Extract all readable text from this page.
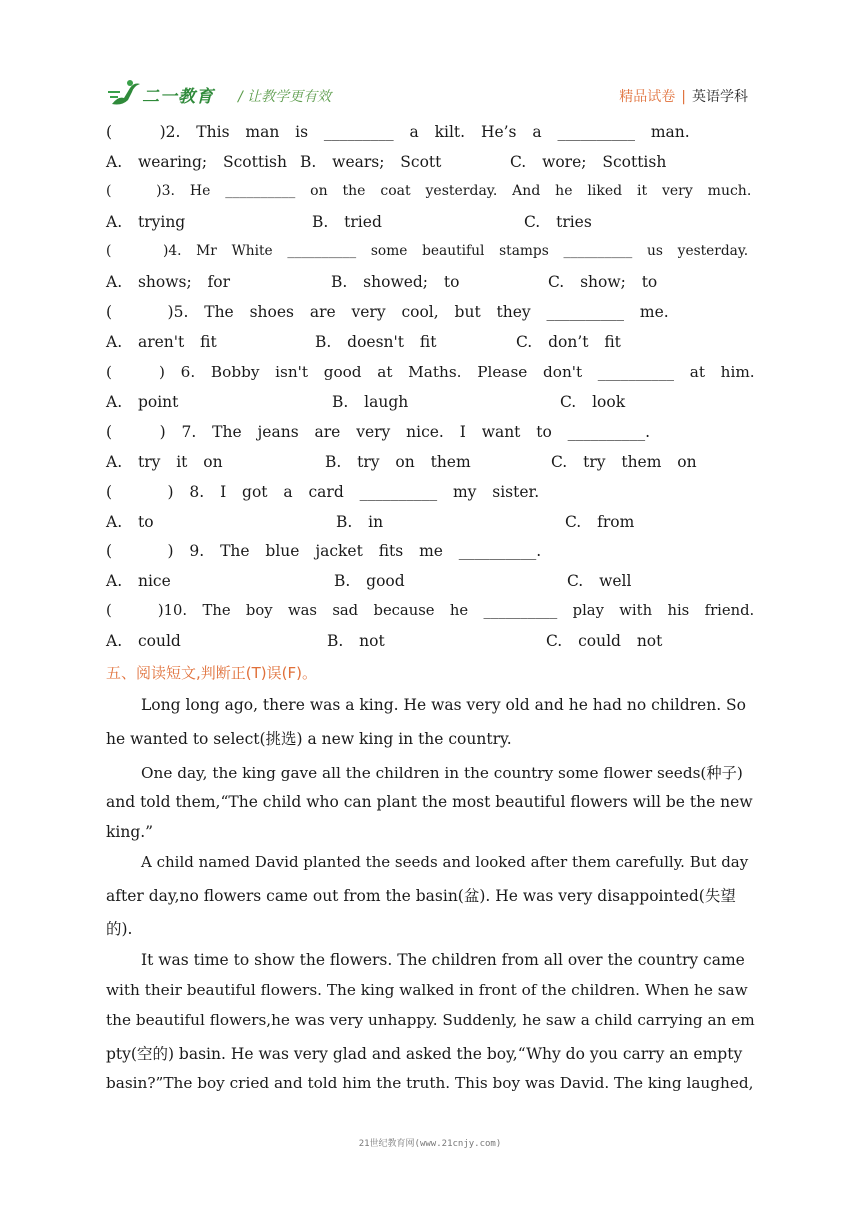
二一教育 / 让教学更有效	精品试卷 | 英语学科
(      )2.  This  man  is  _________  a  kilt.  He’s  a  __________  man.
A.  wearing;  Scottish B.  wears;  Scott	C.  wore;  Scottish
(      )3.  He  __________  on  the  coat  yesterday.  And  he  liked  it  very  much.
A.  trying	B.  tried	C.  tries
(       )4.  Mr  White  __________  some  beautiful  stamps  __________  us  yesterday.
A.  shows;  for	B.  showed;  to	C.  show;  to
(       )5.  The  shoes  are  very  cool,  but  they  __________  me.
A.  aren't  fit	B.  doesn't  fit	C.  don’t  fit
(      )  6.  Bobby  isn't  good  at  Maths.  Please  don't  __________  at  him.
A.  point	B.  laugh	C.  look
(      )  7.  The  jeans  are  very  nice.  I  want  to  __________.
A.  try  it  on	B.  try  on  them	C.  try  them  on
(       )  8.  I  got  a  card  __________  my  sister.
A.  to	B.  in	C.  from
(       )  9.  The  blue  jacket  fits  me  __________.
A.  nice	B.  good	C.  well
(      )10.  The  boy  was  sad  because  he  __________  play  with  his  friend.
A.  could	B.  not	C.  could  not
五、阅读短文,判断正(T)误(F)。
Long long ago, there was a king. He was very old and he had no children. So
he wanted to select(挑选) a new king in the country.
One day, the king gave all the children in the country some flower seeds(种子)
and told them,“The child who can plant the most beautiful flowers will be the new
king.”
A child named David planted the seeds and looked after them carefully. But day
after day,no flowers came out from the basin(盆). He was very disappointed(失望
的).
It was time to show the flowers. The children from all over the country came
with their beautiful flowers. The king walked in front of the children. When he saw
the beautiful flowers,he was very unhappy. Suddenly, he saw a child carrying an em
pty(空的) basin. He was very glad and asked the boy,“Why do you carry an empty
basin?”The boy cried and told him the truth. This boy was David. The king laughed,
21世纪教育网(www.21cnjy.com)
